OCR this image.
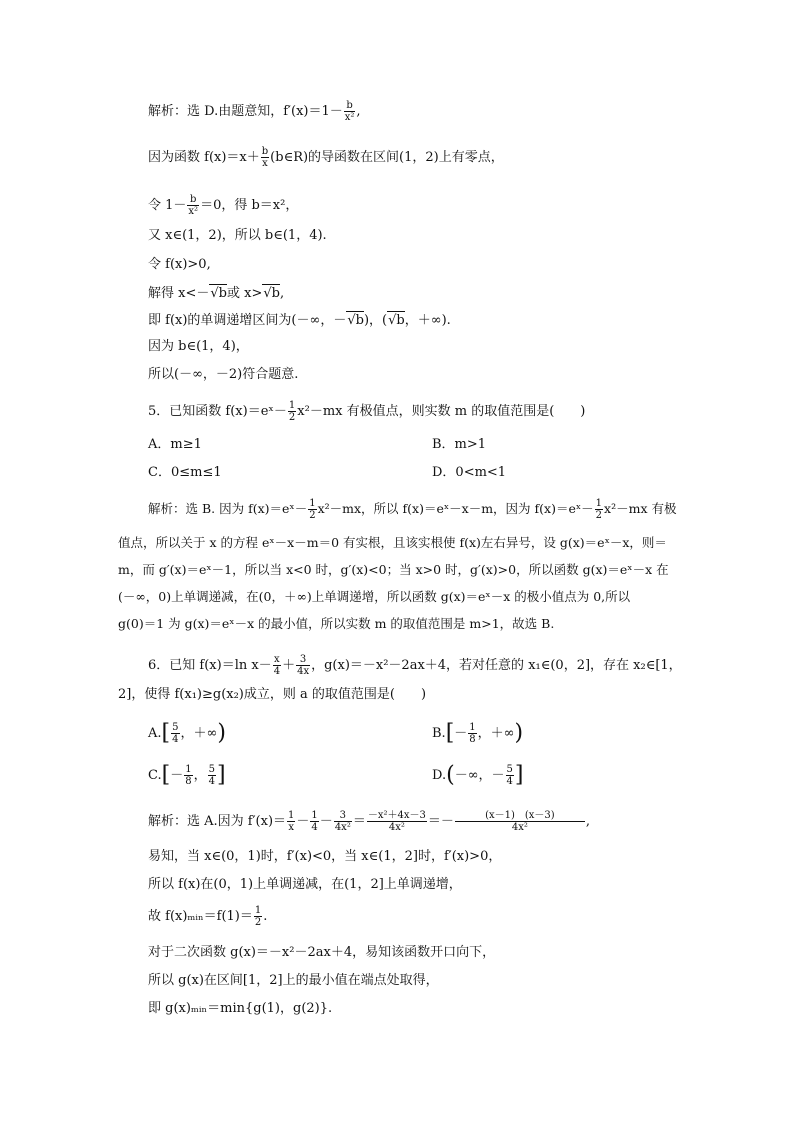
解析：选 D.由题意知，$f'(x)=1- \frac{b}{\text{x²}}$ ,
因为函数 $f(x)=x+ \frac{b}{x}$ (b∈R)的导函数在区间(1，2)上有零点，
令 $1- \frac{b}{\text{x²}} =0$，得 b＝x²，
又 x∈(1，2)，所以 b∈(1，4).
令 f(x)>0,
解得 x<－√b或 x>√b,
即 f(x)的单调递增区间为(－∞，－√b)，(√b，＋∞).
因为 b∈(1，4)，
所以(－∞，－2)符合题意.
5．已知函数 f(x)＝eˣ－ $\frac{1}{2} x^2-mx$ 有极值点，则实数 m 的取值范围是(　　)
A．m≥1	B．m>1
C．0≤m≤1	D．0<m<1
解析：选 B. 因为 f(x)＝eˣ－ $\frac{1}{2} x^2-mx$，所以 f(x)＝eˣ－x－m，因为 f(x)＝eˣ－ $\frac{1}{2} x^2-mx$ 有极
值点，所以关于 x 的方程 eˣ－x－m＝0 有实根，且该实根使 f(x)左右异号，设 g(x)＝eˣ－x，则＝
m，而 g′(x)＝eˣ－1，所以当 x<0 时，g′(x)<0；当 x>0 时，g′(x)>0，所以函数 g(x)＝eˣ－x 在
(－∞，0)上单调递减，在(0，＋∞)上单调递增，所以函数 g(x)＝eˣ－x 的极小值点为 0,所以
g(0)＝1 为 g(x)＝eˣ－x 的最小值，所以实数 m 的取值范围是 m>1，故选 B.
6．已知 f(x)＝ln $x- \frac{x}{4} + \frac{3}{4x}$ ，g(x)＝－x²－2ax＋4，若对任意的 x₁∈(0，2]，存在 x₂∈[1，
2]，使得 f(x₁)≥g(x₂)成立，则 a 的取值范围是(　　)
$A.[ \frac{5}{4}$ ，＋∞)	$B.[- \frac{1}{8}$ ，＋∞)
$C.[- \frac{1}{8}$ ， $\frac{5}{4}$ ]	D.(－∞，－ $\frac{5}{4}$ ]
解析：选 A.因为 $f'(x)= \frac{1}{x} - \frac{1}{4} - \frac{3}{\text{4x²}} = \frac{\text{－x²＋4x－3}}{\text{4x²}} =- \frac{(x-1) (x-3)}{\text{4x²}}$ ,
易知，当 x∈(0，1)时，f′(x)<0，当 x∈(1，2]时，f′(x)>0，
所以 f(x)在(0，1)上单调递减，在(1，2]上单调递增，
故 f(x)ₘᵢₙ＝f(1)＝ $\frac{1}{2}$ .
对于二次函数 g(x)＝－x²－2ax＋4，易知该函数开口向下，
所以 g(x)在区间[1，2]上的最小值在端点处取得，
即 g(x)ₘᵢₙ＝min{g(1)，g(2)}.
